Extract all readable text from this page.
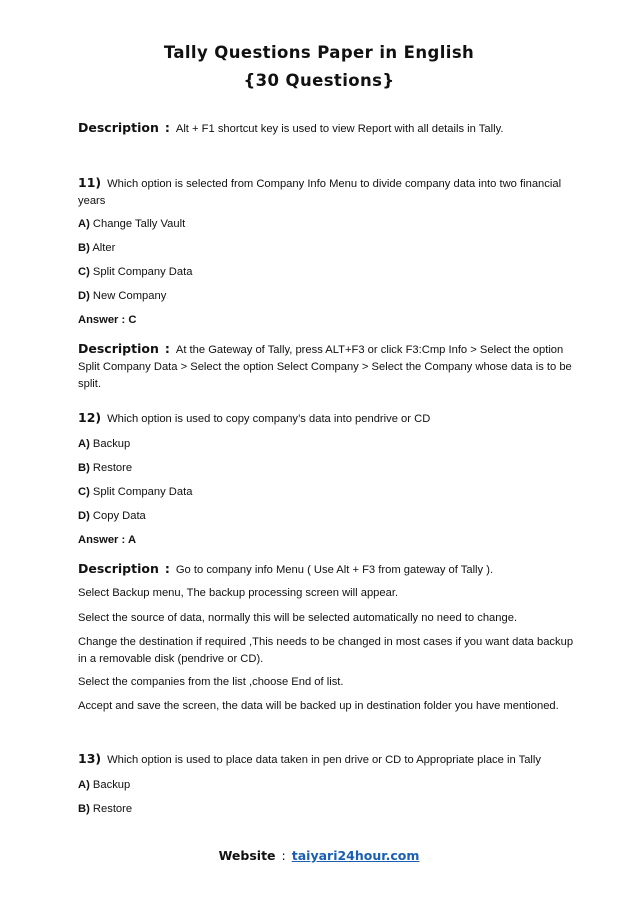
Tally Questions Paper in English
{30 Questions}
Description : Alt + F1 shortcut key is used to view Report with all details in Tally.
11) Which option is selected from Company Info Menu to divide company data into two financial years
A) Change Tally Vault
B) Alter
C) Split Company Data
D) New Company
Answer : C
Description : At the Gateway of Tally, press ALT+F3 or click F3:Cmp Info > Select the option Split Company Data > Select the option Select Company > Select the Company whose data is to be split.
12) Which option is used to copy company’s data into pendrive or CD
A) Backup
B) Restore
C) Split Company Data
D) Copy Data
Answer : A
Description : Go to company info Menu ( Use Alt + F3 from gateway of Tally ).
Select Backup menu, The backup processing screen will appear.
Select the source of data, normally this will be selected automatically no need to change.
Change the destination if required ,This needs to be changed in most cases if you want data backup in a removable disk (pendrive or CD).
Select the companies from the list ,choose End of list.
Accept and save the screen, the data will be backed up in destination folder you have mentioned.
13) Which option is used to place data taken in pen drive or CD to Appropriate place in Tally
A) Backup
B) Restore
Website : taiyari24hour.com
